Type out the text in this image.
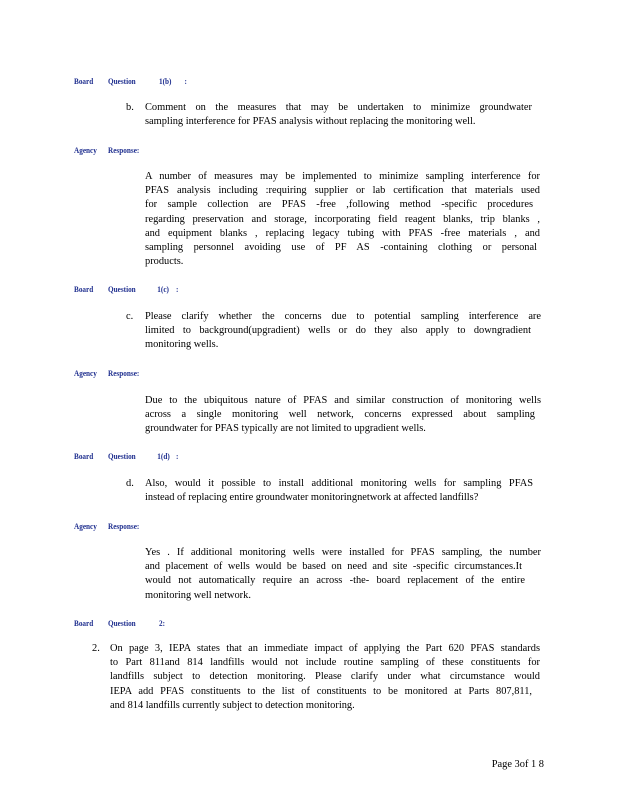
Board Question	1(b) :
b. Comment on the measures that may be undertaken to minimize groundwater
sampling interference for PFAS analysis without replacing the monitoring well.
Agency Response:
A number of measures may be implemented to minimize sampling interference for
PFAS analysis including :requiring supplier or lab certification that materials used
for sample collection are PFAS -free ,following method -specific procedures
regarding preservation and storage, incorporating field reagent blanks, trip blanks ,
and equipment blanks , replacing legacy tubing with PFAS -free materials , and
sampling personnel avoiding use of PF AS -containing clothing or personal
products.
Board Question	1(c) :
c. Please clarify whether the concerns due to potential sampling interference are
limited to background(upgradient) wells or do they also apply to downgradient
monitoring wells.
Agency Response:
Due to the ubiquitous nature of PFAS and similar construction of monitoring wells
across a single monitoring well network, concerns expressed about sampling
groundwater for PFAS typically are not limited to upgradient wells.
Board Question	1(d) :
d. Also, would it possible to install additional monitoring wells for sampling PFAS
instead of replacing entire groundwater monitoringnetwork at affected landfills?
Agency Response:
Yes . If additional monitoring wells were installed for PFAS sampling, the number
and placement of wells would be based on need and site -specific circumstances.It
would not automatically require an across -the- board replacement of the entire
monitoring well network.
Board Question	2:
2. On page 3, IEPA states that an immediate impact of applying the Part 620 PFAS standards
to Part 811and 814 landfills would not include routine sampling of these constituents for
landfills subject to detection monitoring. Please clarify under what circumstance would
IEPA add PFAS constituents to the list of constituents to be monitored at Parts 807,811,
and 814 landfills currently subject to detection monitoring.
Page 3of 1 8
